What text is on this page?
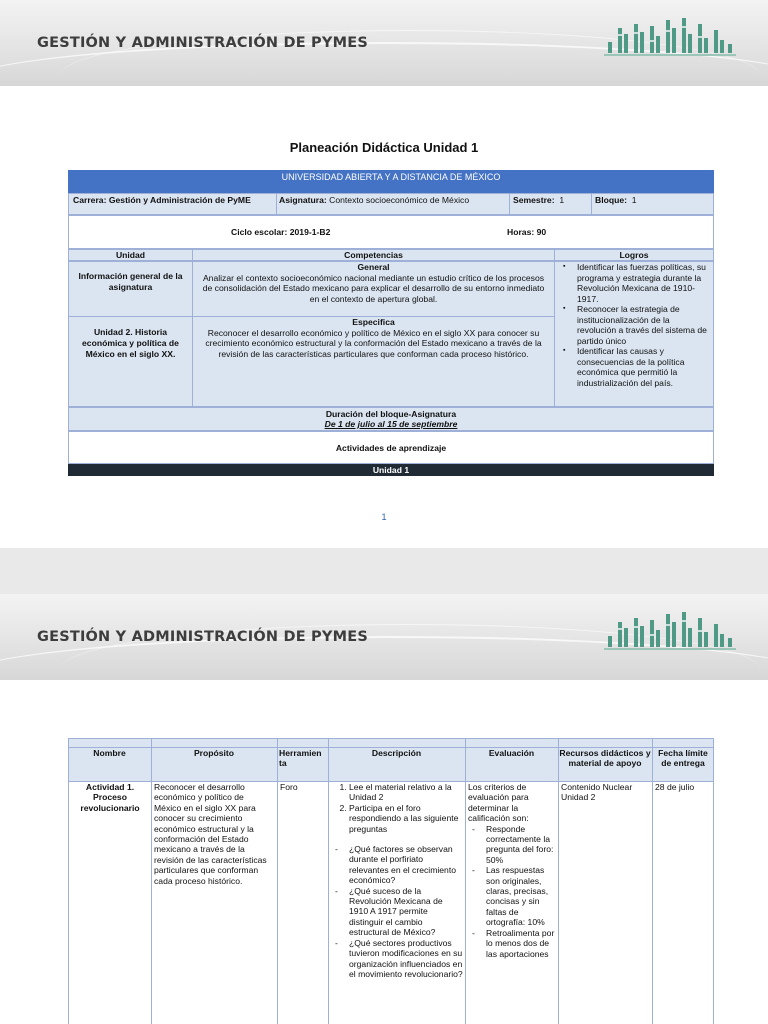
GESTIÓN Y ADMINISTRACIÓN DE PYMES
Planeación Didáctica Unidad 1
UNIVERSIDAD ABIERTA Y A DISTANCIA DE MÉXICO
Carrera: Gestión y Administración de PyME	Asignatura: Contexto socioeconómico de México	Semestre: 1	Bloque: 1
Ciclo escolar: 2019-1-B2	Horas: 90
Unidad	Competencias	Logros
Información general de la asignatura
Unidad 2. Historia económica y política de México en el siglo XX.
General
Analizar el contexto socioeconómico nacional mediante un estudio crítico de los procesos de consolidación del Estado mexicano para explicar el desarrollo de su entorno inmediato en el contexto de apertura global.
Especifica
Reconocer el desarrollo económico y político de México en el siglo XX para conocer su crecimiento económico estructural y la conformación del Estado mexicano a través de la revisión de las características particulares que conforman cada proceso histórico.
▪ Identificar las fuerzas políticas, su programa y estrategia durante la Revolución Mexicana de 1910-1917.
▪ Reconocer la estrategia de institucionalización de la revolución a través del sistema de partido único
▪ Identificar las causas y consecuencias de la política económica que permitió la industrialización del país.
Duración del bloque-Asignatura
De 1 de julio al 15 de septiembre
Actividades de aprendizaje
Unidad 1
1
GESTIÓN Y ADMINISTRACIÓN DE PYMES
Nombre	Propósito	Herramienta
Descripción	Evaluación	Recursos didácticos y material de apoyo
Fecha límite de entrega
Actividad 1. Proceso revolucionario
Reconocer el desarrollo económico y político de México en el siglo XX para conocer su crecimiento económico estructural y la conformación del Estado mexicano a través de la revisión de las características particulares que conforman cada proceso histórico.
Foro
1.	Lee el material relativo a la Unidad 2
2. Participa en el foro respondiendo a las siguiente preguntas
- ¿Qué factores se observan durante el porfiriato relevantes en el crecimiento económico?
- ¿Qué suceso de la Revolución Mexicana de 1910 A 1917 permite distinguir el cambio estructural de México?
- ¿Qué sectores productivos tuvieron modificaciones en su organización influenciados en el movimiento revolucionario?
Los criterios de evaluación para determinar la calificación son:
- Responde correctamente la pregunta del foro: 50%
- Las respuestas son originales, claras, precisas, concisas y sin faltas de ortografía: 10%
- Retroalimenta por lo menos dos de las aportaciones
Contenido Nuclear Unidad 2
28 de julio
